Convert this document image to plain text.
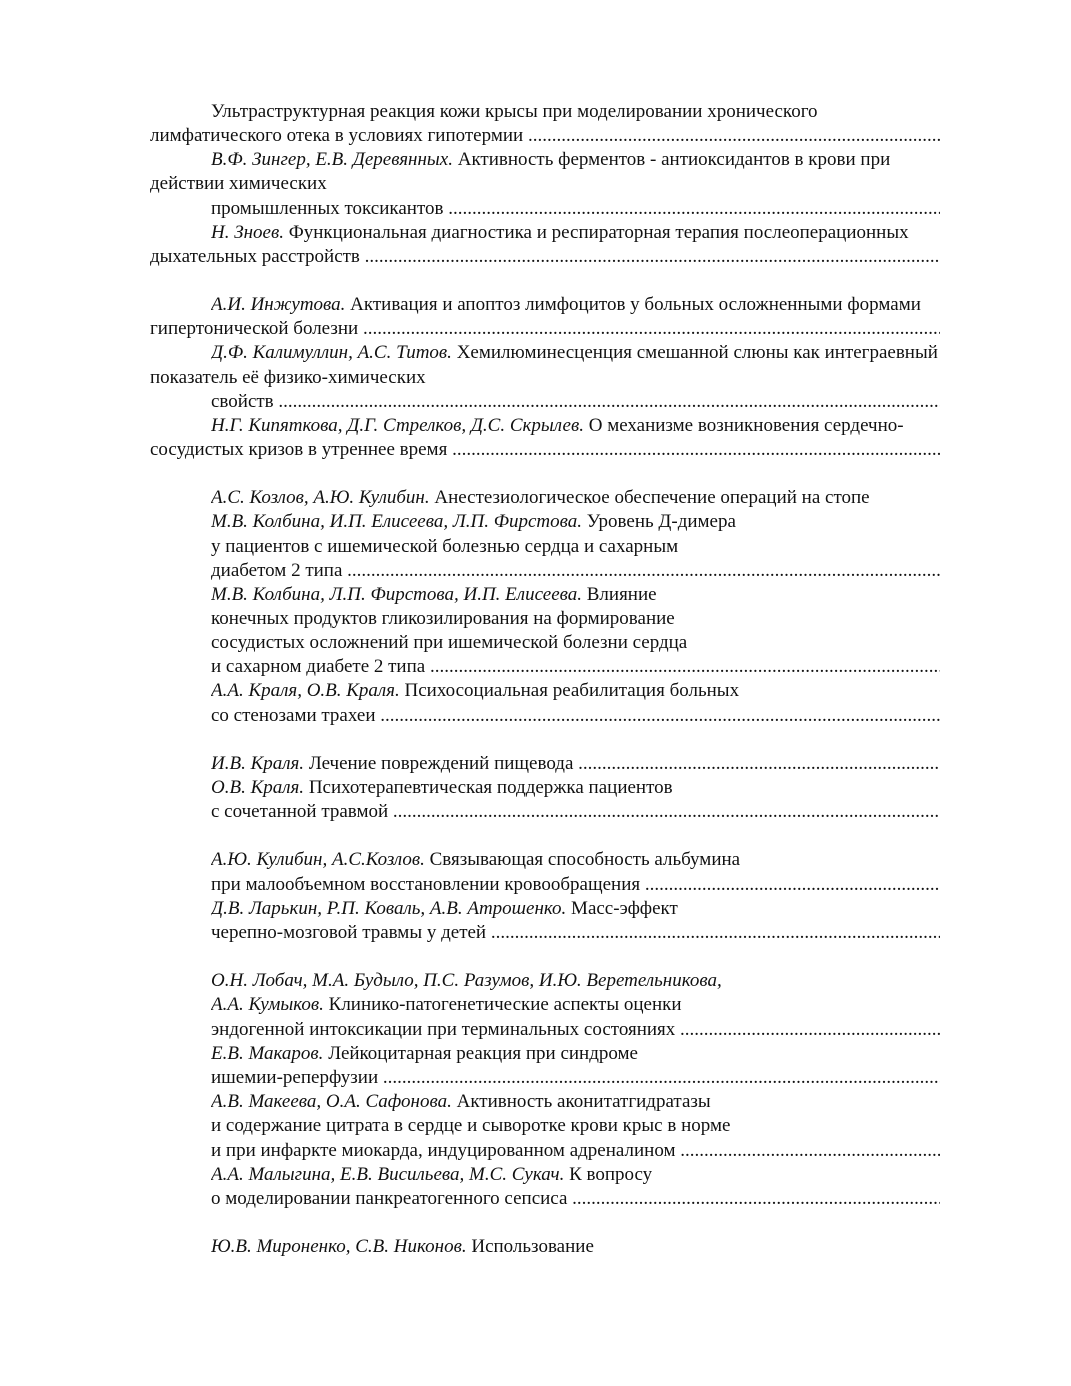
Ультраструктурная реакция кожи крысы при моделировании хронического
лимфатического отека в условиях гипотермии .....
В.Ф. Зингер, Е.В. Деревянных. Активность ферментов - антиоксидантов в крови при
действии химических
промышленных токсикантов .....
Н. Зноев. Функциональная диагностика и респираторная терапия послеоперационных
дыхательных расстройств .....
А.И. Инжутова. Активация и апоптоз лимфоцитов у больных осложненными формами
гипертонической болезни .....
Д.Ф. Калимуллин, А.С. Титов. Хемилюминесценция смешанной слюны как интеграевный
показатель её физико-химических
свойств .....
Н.Г. Кипяткова, Д.Г. Стрелков, Д.С. Скрылев. О механизме возникновения сердечно-
сосудистых кризов в утреннее время .....
А.С. Козлов, А.Ю. Кулибин. Анестезиологическое обеспечение операций на стопе
М.В. Колбина, И.П. Елисеева, Л.П. Фирстова. Уровень Д-димера
у пациентов с ишемической болезнью сердца и сахарным
диабетом 2 типа .....
М.В. Колбина, Л.П. Фирстова, И.П. Елисеева. Влияние
конечных продуктов гликозилирования на формирование
сосудистых осложнений при ишемической болезни сердца
и сахарном диабете 2 типа .....
А.А. Краля, О.В. Краля. Психосоциальная реабилитация больных
со стенозами трахеи .....
И.В. Краля. Лечение повреждений пищевода .....
О.В. Краля. Психотерапевтическая поддержка пациентов
с сочетанной травмой .....
А.Ю. Кулибин, А.С.Козлов. Связывающая способность альбумина
при малообъемном восстановлении кровообращения .....
Д.В. Ларькин, Р.П. Коваль, А.В. Атрошенко. Масс-эффект
черепно-мозговой травмы у детей .....
О.Н. Лобач, М.А. Будыло, П.С. Разумов, И.Ю. Веретельникова,
А.А. Кумыков. Клинико-патогенетические аспекты оценки
эндогенной интоксикации при терминальных состояниях .....
Е.В. Макаров. Лейкоцитарная реакция при синдроме
ишемии-реперфузии .....
А.В. Макеева, О.А. Сафонова. Активность аконитатгидратазы
и содержание цитрата в сердце и сыворотке крови крыс в норме
и при инфаркте миокарда, индуцированном адреналином .....
А.А. Малыгина, Е.В. Висильева, М.С. Сукач. К вопросу
о моделировании панкреатогенного сепсиса .....
Ю.В. Мироненко, С.В. Никонов. Использование
